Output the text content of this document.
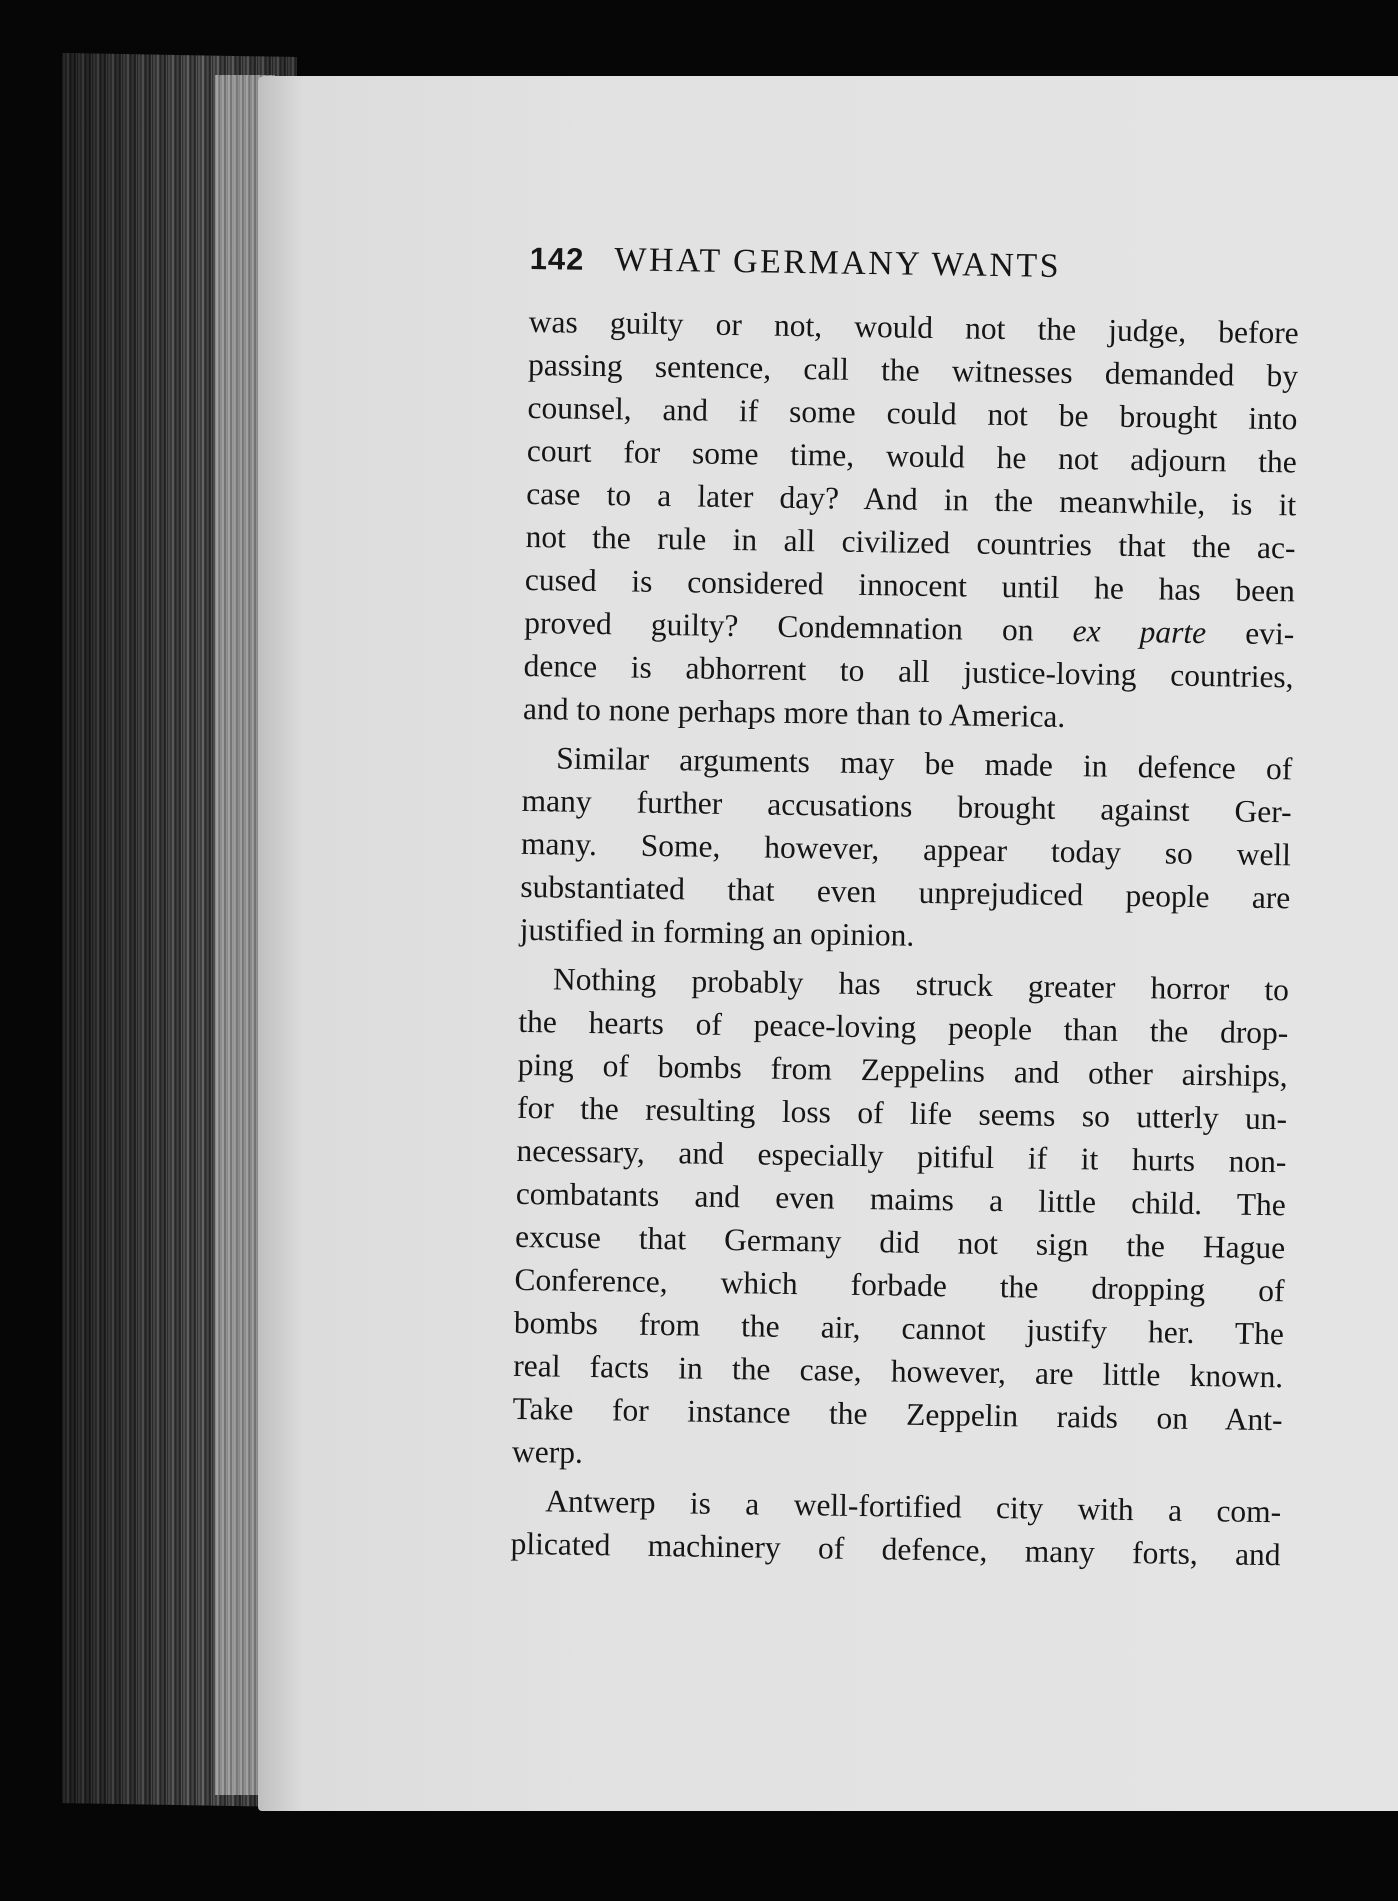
142 WHAT GERMANY WANTS

was guilty or not, would not the judge, before
passing sentence, call the witnesses demanded by
counsel, and if some could not be brought into
court for some time, would he not adjourn the
case to a later day? And in the meanwhile, is it
not the rule in all civilized countries that the ac-
cused is considered innocent until he has been
proved guilty? Condemnation on ex parte evi-
dence is abhorrent to all justice-loving countries,
and to none perhaps more than to America.

Similar arguments may be made in defence of
many further accusations brought against Ger-
many. Some, however, appear today so well
substantiated that even unprejudiced people are
justified in forming an opinion.

Nothing probably has struck greater horror to
the hearts of peace-loving people than the drop-
ping of bombs from Zeppelins and other airships,
for the resulting loss of life seems so utterly un-
necessary, and especially pitiful if it hurts non-
combatants and even maims a little child. The
excuse that Germany did not sign the Hague
Conference, which forbade the dropping of
bombs from the air, cannot justify her. The
real facts in the case, however, are little known.
Take for instance the Zeppelin raids on Ant-
werp.

Antwerp is a well-fortified city with a com-
plicated machinery of defence, many forts, and
